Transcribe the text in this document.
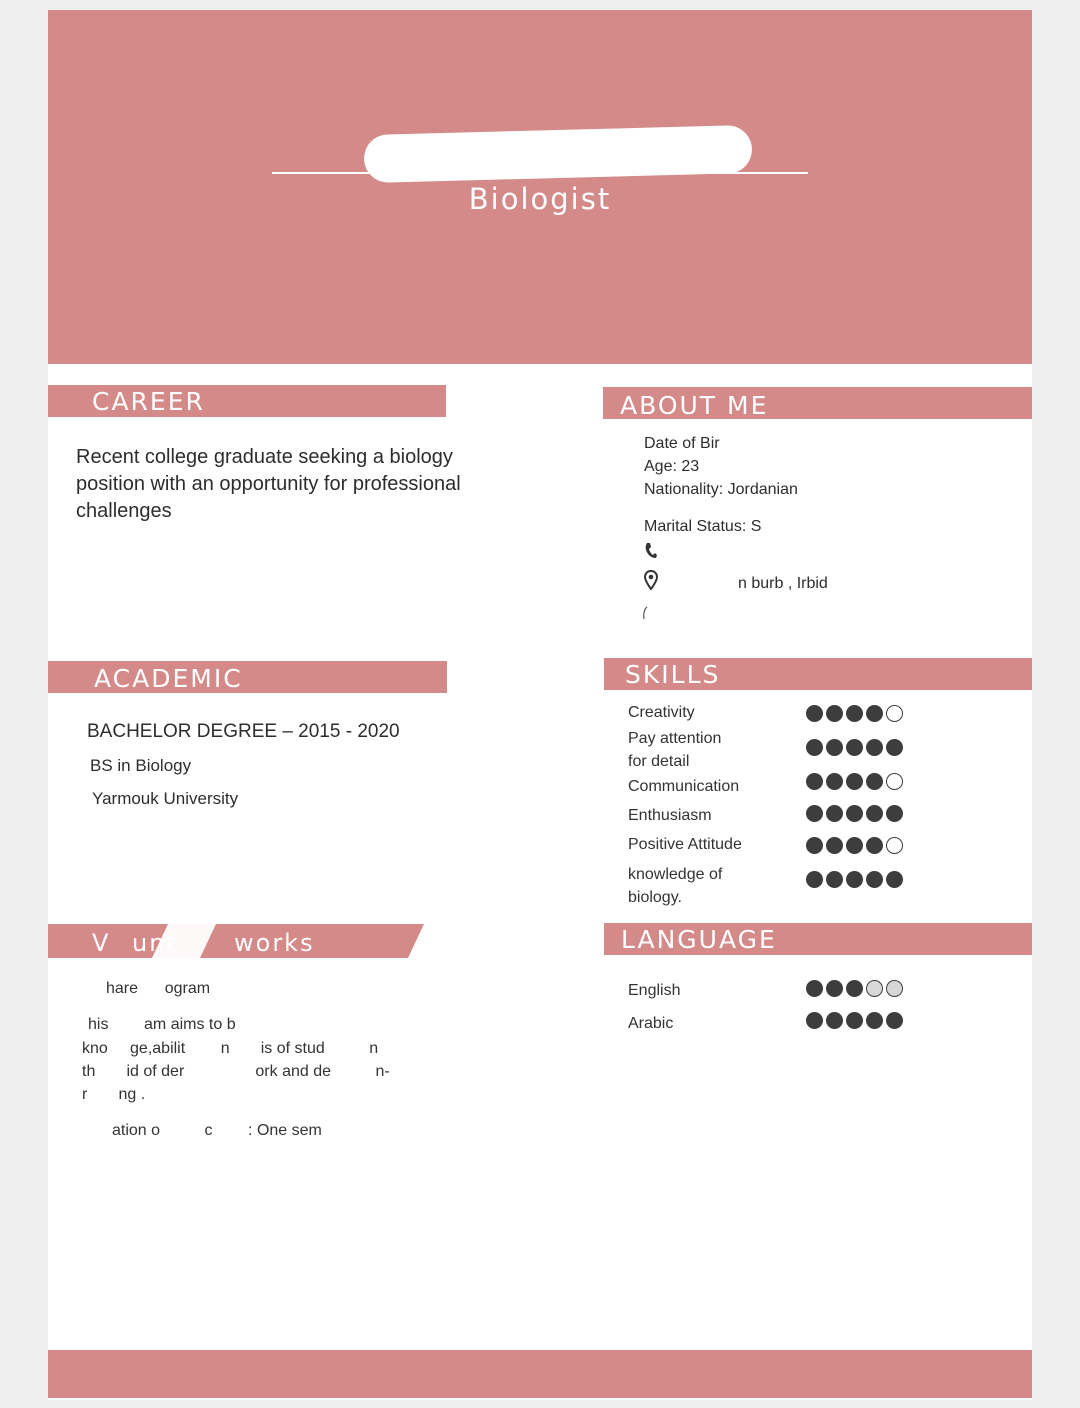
Biologist
CAREER
Recent college graduate seeking a biology position with an opportunity for professional challenges
ABOUT ME
Date of Bir
Age: 23
Nationality: Jordanian
Marital Status: S
n burb , Irbid
ACADEMIC
BACHELOR DEGREE – 2015 - 2020
BS in Biology
Yarmouk University
SKILLS
V unt works
hare      ogram
his        am aims to b
kno     ge,abilit        n       is of stud          n
th       id of der                ork and de          n-
r       ng .
ation o          c        : One sem
LANGUAGE
Creativity
Pay attention
for detail
Communication
Enthusiasm
Positive Attitude
knowledge of
biology.
English
Arabic
